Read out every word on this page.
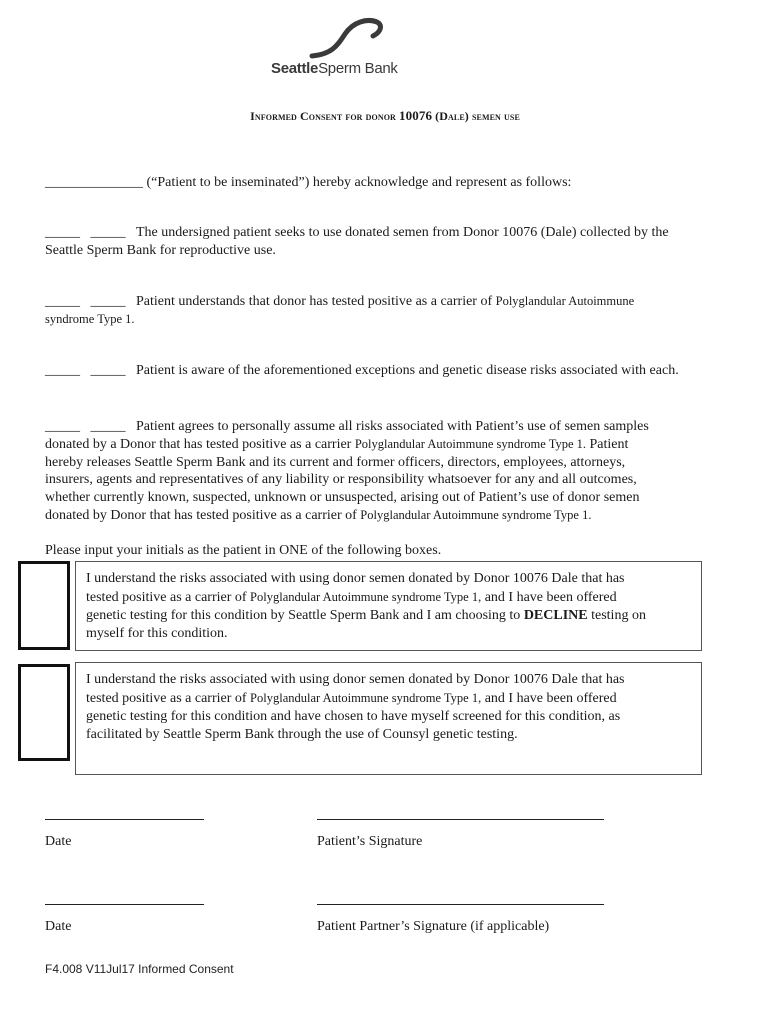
SeattleSperm Bank
Informed Consent for donor 10076 (Dale) semen use
______________ (“Patient to be inseminated”) hereby acknowledge and represent as follows:
_____ _____ The undersigned patient seeks to use donated semen from Donor 10076 (Dale) collected by the
Seattle Sperm Bank for reproductive use.
_____ _____ Patient understands that donor has tested positive as a carrier of Polyglandular Autoimmune
syndrome Type 1.
_____ _____ Patient is aware of the aforementioned exceptions and genetic disease risks associated with each.
_____ _____ Patient agrees to personally assume all risks associated with Patient’s use of semen samples
donated by a Donor that has tested positive as a carrier Polyglandular Autoimmune syndrome Type 1. Patient
hereby releases Seattle Sperm Bank and its current and former officers, directors, employees, attorneys,
insurers, agents and representatives of any liability or responsibility whatsoever for any and all outcomes,
whether currently known, suspected, unknown or unsuspected, arising out of Patient’s use of donor semen
donated by Donor that has tested positive as a carrier of Polyglandular Autoimmune syndrome Type 1.
Please input your initials as the patient in ONE of the following boxes.
I understand the risks associated with using donor semen donated by Donor 10076 Dale that has
tested positive as a carrier of Polyglandular Autoimmune syndrome Type 1, and I have been offered
genetic testing for this condition by Seattle Sperm Bank and I am choosing to DECLINE testing on
myself for this condition.
I understand the risks associated with using donor semen donated by Donor 10076 Dale that has
tested positive as a carrier of Polyglandular Autoimmune syndrome Type 1, and I have been offered
genetic testing for this condition and have chosen to have myself screened for this condition, as
facilitated by Seattle Sperm Bank through the use of Counsyl genetic testing.
Date	Patient’s Signature
Date	Patient Partner’s Signature (if applicable)
F4.008 V11Jul17 Informed Consent
